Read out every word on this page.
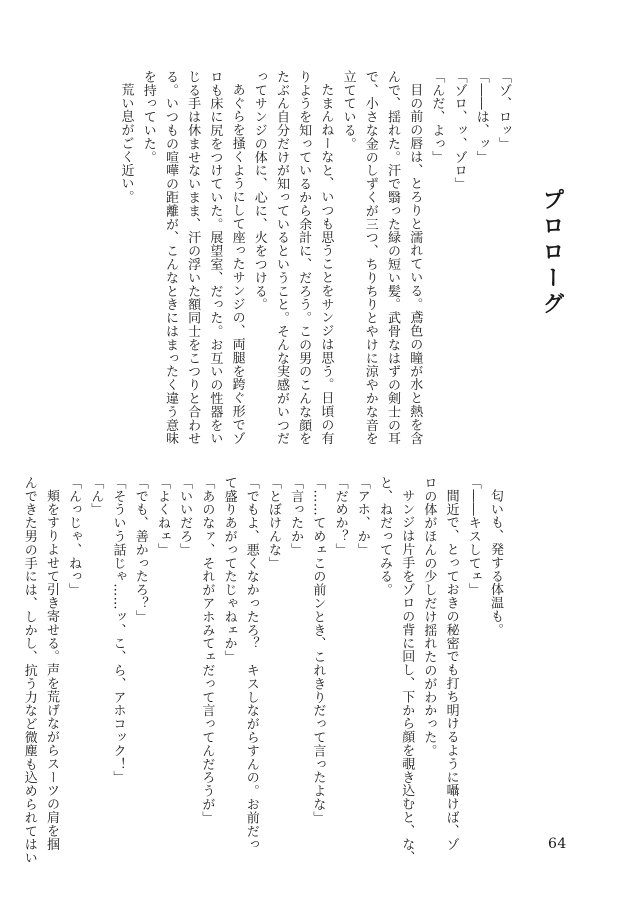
プロローグ
「ゾ、ロッ」
「――は、ッ」
「ゾロ、ッ、ゾロ」
「んだ、よっ」
目の前の唇は、とろりと濡れている。鳶色の瞳が水と熱を含
んで、揺れた。汗で翳った緑の短い髪。武骨なはずの剣士の耳
で、小さな金のしずくが三つ、ちりちりとやけに涼やかな音を
立てている。
たまんねーなと、いつも思うことをサンジは思う。日頃の有
りようを知っているから余計に、だろう。この男のこんな顔を
たぶん自分だけが知っているということ。そんな実感がいつだ
ってサンジの体に、心に、火をつける。
あぐらを掻くようにして座ったサンジの、両腿を跨ぐ形でゾ
ロも床に尻をつけていた。展望室、だった。お互いの性器をい
じる手は休ませないまま、汗の浮いた額同士をこつりと合わせ
る。いつもの喧嘩の距離が、こんなときにはまったく違う意味
を持っていた。
荒い息がごく近い。
匂いも、発する体温も。
「――キスしてェ」
間近で、とっておきの秘密でも打ち明けるように囁けば、ゾ
ロの体がほんの少しだけ揺れたのがわかった。
サンジは片手をゾロの背に回し、下から顔を覗き込むと、な、
と、ねだってみる。
「アホ、か」
「だめか？」
「……てめェこの前ンとき、これきりだって言ったよな」
「言ったか」
「とぼけんな」
「でもよ、悪くなかったろ？　キスしながらすんの。お前だっ
て盛りあがってたじゃねェか」
「あのなァ、それがアホみてェだって言ってんだろうが」
「いいだろ」
「よくねェ」
「でも、善かったろ？」
「そういう話じゃ……ッ、こ、ら、アホコック！」
「ん」
「んっじゃ、ねっ」
頬をすりよせて引き寄せる。声を荒げながらスーツの肩を掴
んできた男の手には、しかし、抗う力など微塵も込められてはい	64
